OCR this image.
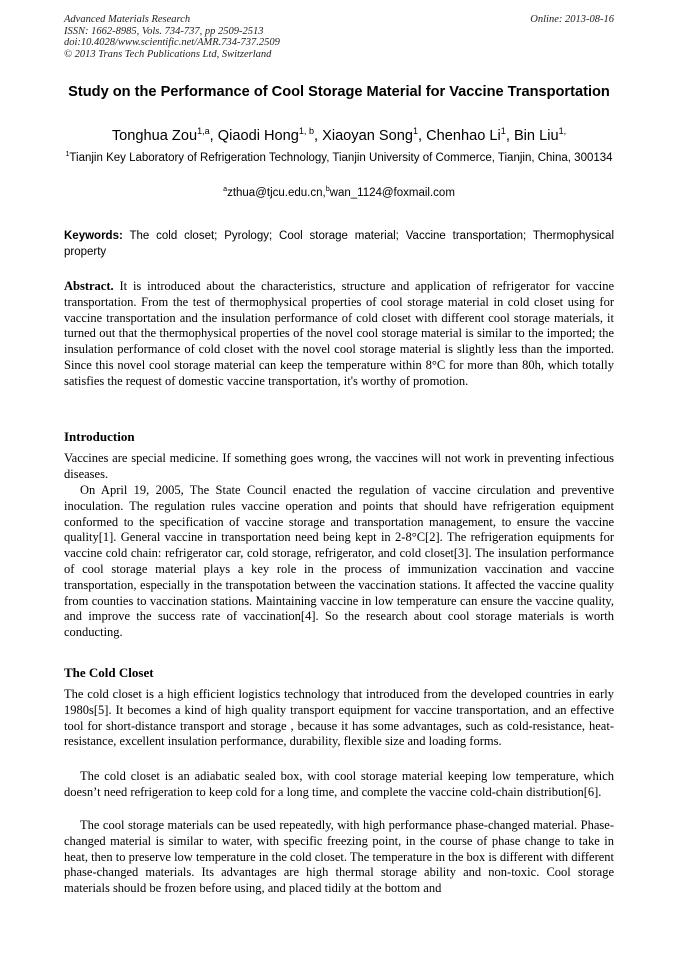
Advanced Materials Research
ISSN: 1662-8985, Vols. 734-737, pp 2509-2513
doi:10.4028/www.scientific.net/AMR.734-737.2509
© 2013 Trans Tech Publications Ltd, Switzerland
Online: 2013-08-16
Study on the Performance of Cool Storage Material for Vaccine Transportation
Tonghua Zou$^{1,a}$, Qiaodi Hong$^{1, b}$, Xiaoyan Song$^1$, Chenhao Li$^1$, Bin Liu$^{1,}$
$^1$Tianjin Key Laboratory of Refrigeration Technology, Tianjin University of Commerce, Tianjin, China, 300134
$^a$zthua@tjcu.edu.cn,$^b$wan_1124@foxmail.com
Keywords: The cold closet; Pyrology; Cool storage material; Vaccine transportation; Thermophysical property
Abstract. It is introduced about the characteristics, structure and application of refrigerator for vaccine transportation. From the test of thermophysical properties of cool storage material in cold closet using for vaccine transportation and the insulation performance of cold closet with different cool storage materials, it turned out that the thermophysical properties of the novel cool storage material is similar to the imported; the insulation performance of cold closet with the novel cool storage material is slightly less than the imported. Since this novel cool storage material can keep the temperature within 8°C for more than 80h, which totally satisfies the request of domestic vaccine transportation, it's worthy of promotion.
Introduction

Vaccines are special medicine. If something goes wrong, the vaccines will not work in preventing infectious diseases.

On April 19, 2005, The State Council enacted the regulation of vaccine circulation and preventive inoculation. The regulation rules vaccine operation and points that should have refrigeration equipment conformed to the specification of vaccine storage and transportation management, to ensure the vaccine quality[1]. General vaccine in transportation need being kept in 2-8°C[2]. The refrigeration equipments for vaccine cold chain: refrigerator car, cold storage, refrigerator, and cold closet[3]. The insulation performance of cool storage material plays a key role in the process of immunization vaccination and vaccine transportation, especially in the transpotation between the vaccination stations. It affected the vaccine quality from counties to vaccination stations. Maintaining vaccine in low temperature can ensure the vaccine quality, and improve the success rate of vaccination[4]. So the research about cool storage materials is worth conducting.

The Cold Closet

The cold closet is a high efficient logistics technology that introduced from the developed countries in early 1980s[5]. It becomes a kind of high quality transport equipment for vaccine transportation, and an effective tool for short-distance transport and storage , because it has some advantages, such as cold-resistance, heat-resistance, excellent insulation performance, durability, flexible size and loading forms.

The cold closet is an adiabatic sealed box, with cool storage material keeping low temperature, which doesn’t need refrigeration to keep cold for a long time, and complete the vaccine cold-chain distribution[6].

The cool storage materials can be used repeatedly, with high performance phase-changed material. Phase-changed material is similar to water, with specific freezing point, in the course of phase change to take in heat, then to preserve low temperature in the cold closet. The temperature in the box is different with different phase-changed materials. Its advantages are high thermal storage ability and non-toxic. Cool storage materials should be frozen before using, and placed tidily at the bottom and
